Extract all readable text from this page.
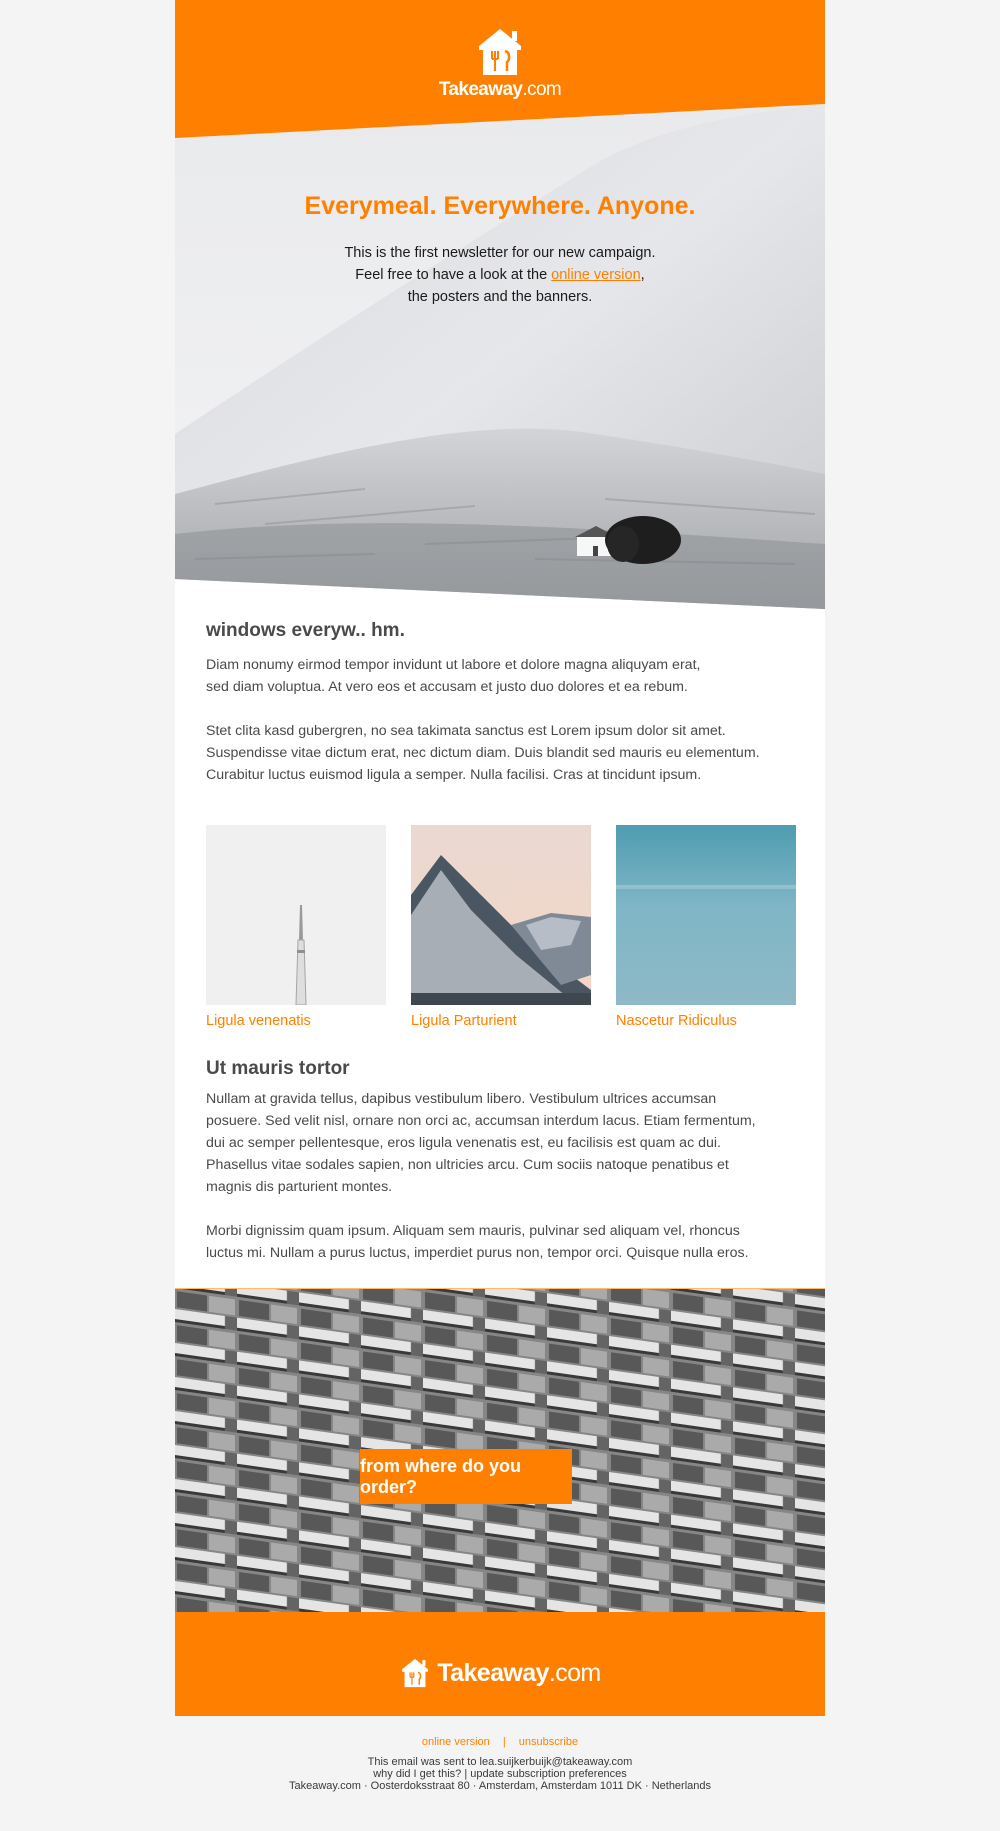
Everymeal. Everywhere. Anyone.

This is the first newsletter for our new campaign.
Feel free to have a look at the online version,
the posters and the banners.

Takeaway.com
windows everyw.. hm.

Diam nonumy eirmod tempor invidunt ut labore et dolore magna aliquyam erat,
sed diam voluptua. At vero eos et accusam et justo duo dolores et ea rebum.

Stet clita kasd gubergren, no sea takimata sanctus est Lorem ipsum dolor sit amet.
Suspendisse vitae dictum erat, nec dictum diam. Duis blandit sed mauris eu elementum.
Curabitur luctus euismod ligula a semper. Nulla facilisi. Cras at tincidunt ipsum.

Ligula venenatis	Ligula Parturient	Nascetur Ridiculus
Ut mauris tortor

Nullam at gravida tellus, dapibus vestibulum libero. Vestibulum ultrices accumsan
posuere. Sed velit nisl, ornare non orci ac, accumsan interdum lacus. Etiam fermentum,
dui ac semper pellentesque, eros ligula venenatis est, eu facilisis est quam ac dui.
Phasellus vitae sodales sapien, non ultricies arcu. Cum sociis natoque penatibus et
magnis dis parturient montes.

Morbi dignissim quam ipsum. Aliquam sem mauris, pulvinar sed aliquam vel, rhoncus
luctus mi. Nullam a purus luctus, imperdiet purus non, tempor orci. Quisque nulla eros.

from where do you order?
Takeaway.com
online version | unsubscribe
This email was sent to lea.suijkerbuijk@takeaway.com
why did I get this? | update subscription preferences
Takeaway.com · Oosterdoksstraat 80 · Amsterdam, Amsterdam 1011 DK · Netherlands
